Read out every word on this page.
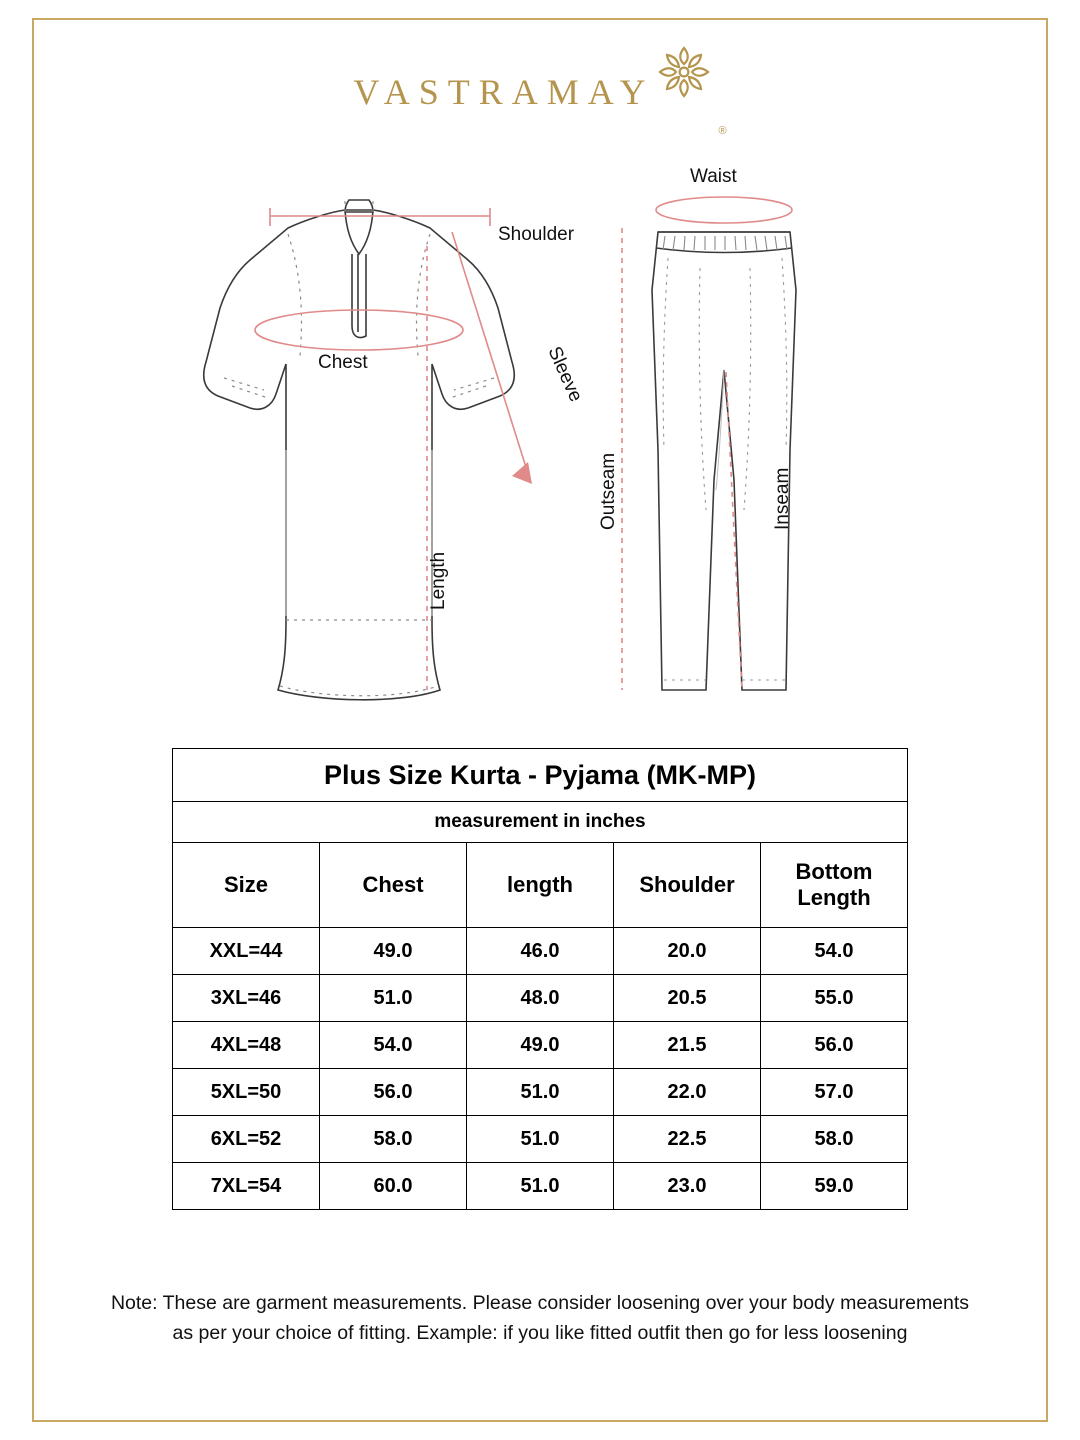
VASTRAMAY
®
Shoulder
Chest	Sleeve
Length
Waist
Outseam	Inseam
Plus Size Kurta - Pyjama (MK-MP)				
measurement in inches				
Size	Chest	length	Shoulder	Bottom
Length

XXL=44	49.0	46.0	20.0	54.0
3XL=46	51.0	48.0	20.5	55.0
4XL=48	54.0	49.0	21.5	56.0
5XL=50	56.0	51.0	22.0	57.0
6XL=52	58.0	51.0	22.5	58.0
7XL=54	60.0	51.0	23.0	59.0
Note: These are garment measurements. Please consider loosening over your body measurements
as per your choice of fitting. Example: if you like fitted outfit then go for less loosening
